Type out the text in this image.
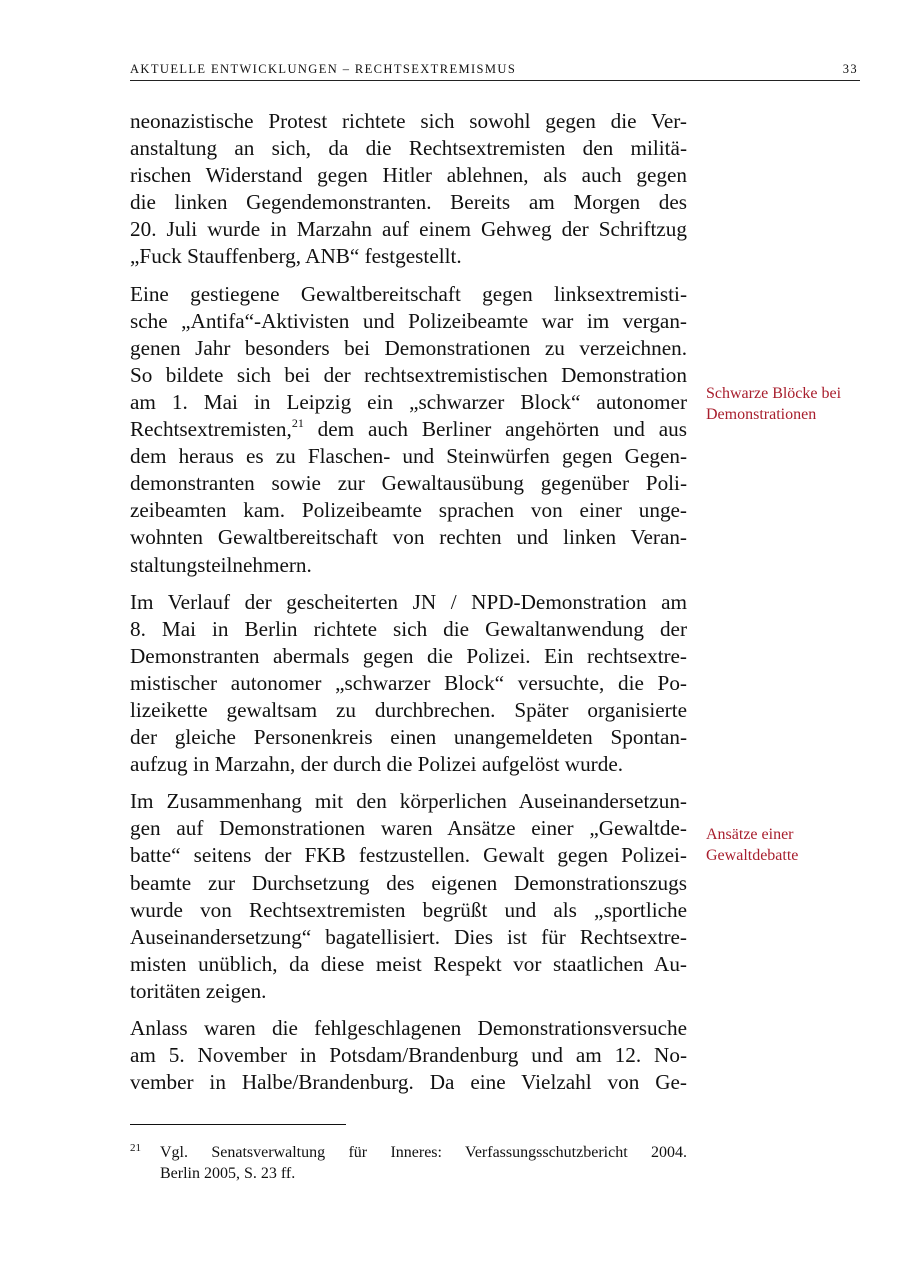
AKTUELLE ENTWICKLUNGEN – RECHTSEXTREMISMUS	33

neonazistische Protest richtete sich sowohl gegen die Ver-
anstaltung an sich, da die Rechtsextremisten den militä-
rischen Widerstand gegen Hitler ablehnen, als auch gegen
die linken Gegendemonstranten. Bereits am Morgen des
20. Juli wurde in Marzahn auf einem Gehweg der Schriftzug
„Fuck Stauffenberg, ANB“ festgestellt.

Eine gestiegene Gewaltbereitschaft gegen linksextremisti-
sche „Antifa“-Aktivisten und Polizeibeamte war im vergan-
genen Jahr besonders bei Demonstrationen zu verzeichnen.
So bildete sich bei der rechtsextremistischen Demonstration
am 1. Mai in Leipzig ein „schwarzer Block“ autonomer
Rechtsextremisten,$^{21}$ dem auch Berliner angehörten und aus
dem heraus es zu Flaschen- und Steinwürfen gegen Gegen-
demonstranten sowie zur Gewaltausübung gegenüber Poli-
zeibeamten kam. Polizeibeamte sprachen von einer unge-
wohnten Gewaltbereitschaft von rechten und linken Veran-
staltungsteilnehmern.

Im Verlauf der gescheiterten JN / NPD-Demonstration am
8. Mai in Berlin richtete sich die Gewaltanwendung der
Demonstranten abermals gegen die Polizei. Ein rechtsextre-
mistischer autonomer „schwarzer Block“ versuchte, die Po-
lizeikette gewaltsam zu durchbrechen. Später organisierte
der gleiche Personenkreis einen unangemeldeten Spontan-
aufzug in Marzahn, der durch die Polizei aufgelöst wurde.

Im Zusammenhang mit den körperlichen Auseinandersetzun-
gen auf Demonstrationen waren Ansätze einer „Gewaltde-
batte“ seitens der FKB festzustellen. Gewalt gegen Polizei-
beamte zur Durchsetzung des eigenen Demonstrationszugs
wurde von Rechtsextremisten begrüßt und als „sportliche
Auseinandersetzung“ bagatellisiert. Dies ist für Rechtsextre-
misten unüblich, da diese meist Respekt vor staatlichen Au-
toritäten zeigen.

Anlass waren die fehlgeschlagenen Demonstrationsversuche
am 5. November in Potsdam/Brandenburg und am 12. No-
vember in Halbe/Brandenburg. Da eine Vielzahl von Ge-

Schwarze Blöcke bei
Demonstrationen
Ansätze einer
Gewaltdebatte
21 Vgl. Senatsverwaltung für Inneres: Verfassungsschutzbericht 2004.
Berlin 2005, S. 23 ff.
